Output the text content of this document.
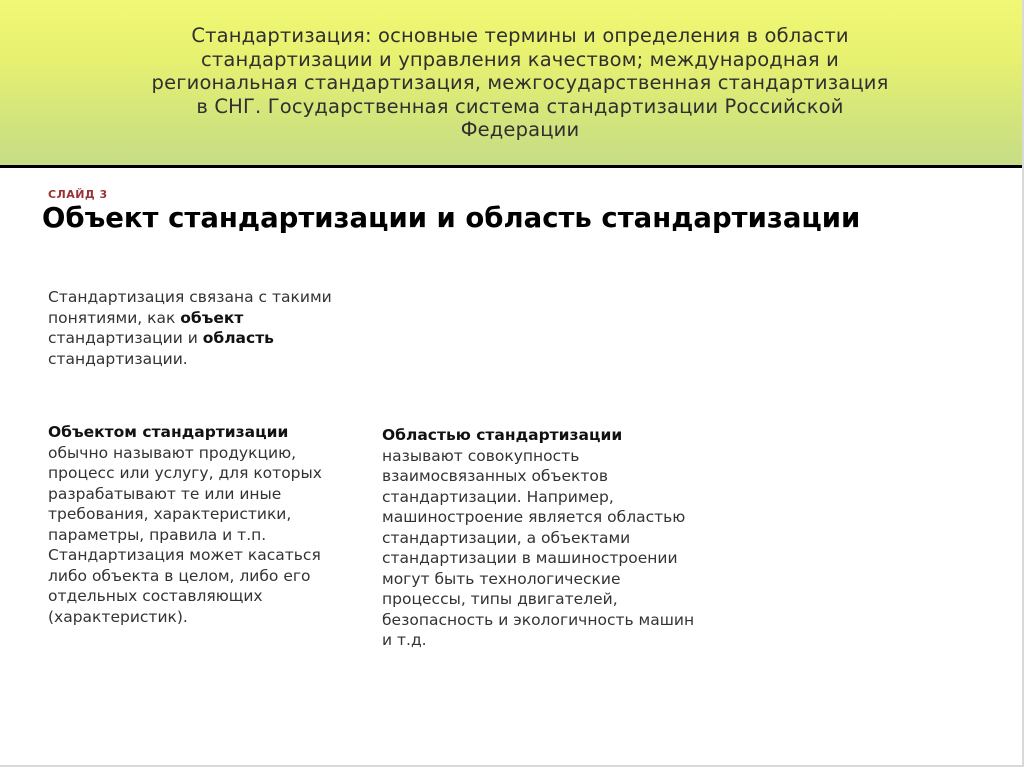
Стандартизация: основные термины и определения в области
стандартизации и управления качеством; международная и
региональная стандартизация, межгосударственная стандартизация
в СНГ. Государственная система стандартизации Российской
Федерации
СЛАЙД 3
Объект стандартизации и область стандартизации
Стандартизация связана с такими понятиями, как объект стандартизации и область стандартизации.
Объектом стандартизации
обычно называют продукцию, процесс или услугу, для которых разрабатывают те или иные требования, характеристики, параметры, правила и т.п. Стандартизация может касаться либо объекта в целом, либо его отдельных составляющих (характеристик).
Областью стандартизации
называют совокупность взаимосвязанных объектов стандартизации. Например, машиностроение является областью стандартизации, а объектами стандартизации в машиностроении могут быть технологические процессы, типы двигателей, безопасность и экологичность машин и т.д.
